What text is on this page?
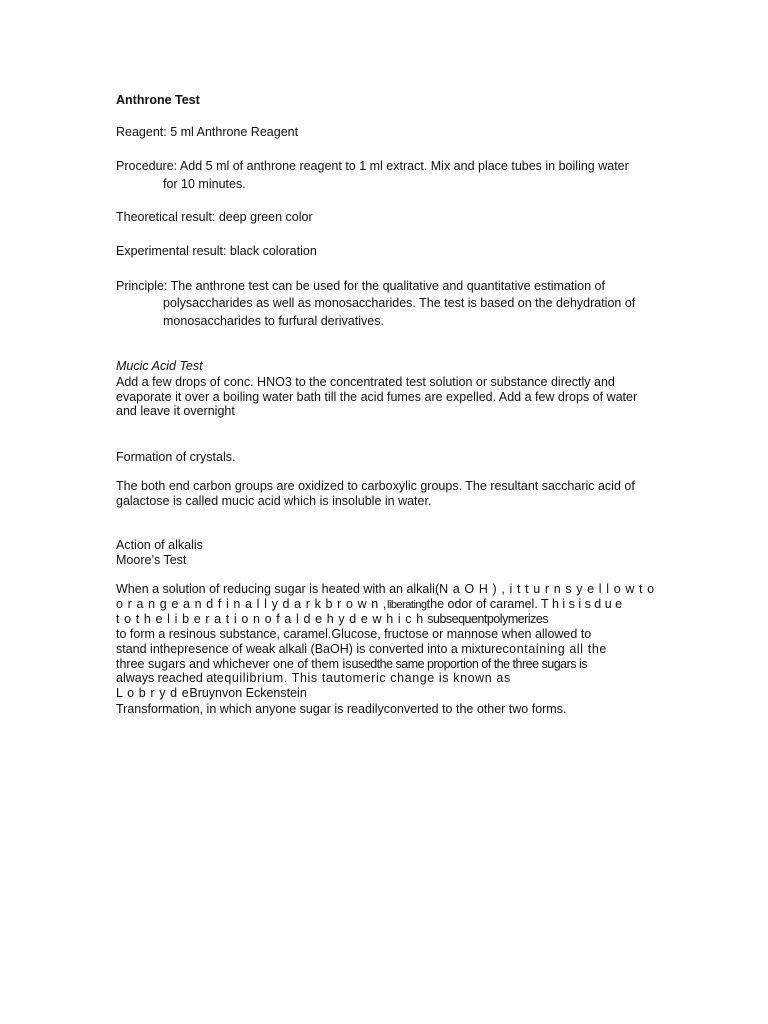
Anthrone Test

Reagent: 5 ml Anthrone Reagent

Procedure: Add 5 ml of anthrone reagent to 1 ml extract. Mix and place tubes in boiling water

for 10 minutes.

Theoretical result: deep green color

Experimental result: black coloration

Principle: The anthrone test can be used for the qualitative and quantitative estimation of

polysaccharides as well as monosaccharides. The test is based on the dehydration of

monosaccharides to furfural derivatives.

Mucic Acid Test

Add a few drops of conc. HNO3 to the concentrated test solution or substance directly and

evaporate it over a boiling water bath till the acid fumes are expelled. Add a few drops of water

and leave it overnight

Formation of crystals.

The both end carbon groups are oxidized to carboxylic groups. The resultant saccharic acid of

galactose is called mucic acid which is insoluble in water.

Action of alkalis

Moore’s Test

When a solution of reducing sugar is heated with an alkali(N a O H ) , i t t u r n s y e l l o w t o

o r a n g e a n d f i n a l l y d a r k b r o w n ,liberatingthe odor of caramel. T h i s i s d u e

t o t h e l i b e r a t i o n o f a l d e h y d e w h i c h subsequentpolymerizes

to form a resinous substance, caramel.Glucose, fructose or mannose when allowed to

stand inthepresence of weak alkali (BaOH) is converted into a mixturecontaining all the

three sugars and whichever one of them isusedthe same proportion of the three sugars is

always reached atequilibrium. This tautomeric change is known as

L o b r y d eBruynvon Eckenstein

Transformation, in which anyone sugar is readilyconverted to the other two forms.
